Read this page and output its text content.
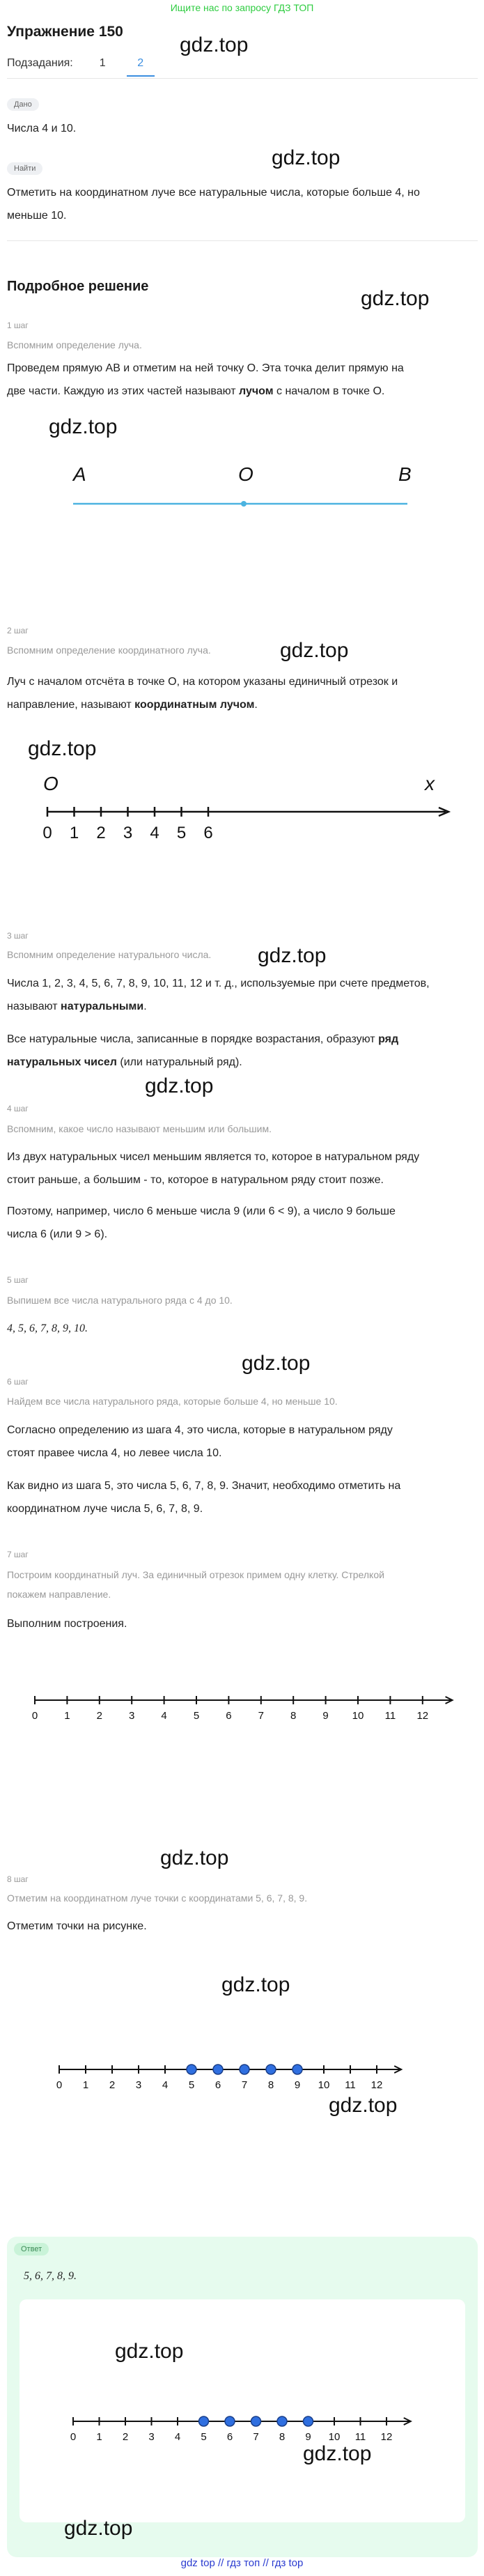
Ищите нас по запросу ГДЗ ТОП
Упражнение 150
Подзадания: 1	2
gdz.top
Дано
Числа 4 и 10.
Найти
Отметить на координатном луче все натуральные числа, которые больше 4, но
меньше 10.
gdz.top
Подробное решение
gdz.top
1 шаг
Вспомним определение луча.
Проведем прямую AB и отметим на ней точку O. Эта точка делит прямую на
две части. Каждую из этих частей называют лучом с началом в точке O.
gdz.top
A	O	B
2 шаг
Вспомним определение координатного луча.	gdz.top
Луч с началом отсчёта в точке O, на котором указаны единичный отрезок и
направление, называют координатным лучом.
gdz.top
O	x
0 1 2 3 4 5 6
3 шаг
Вспомним определение натурального числа. gdz.top
Числа 1, 2, 3, 4, 5, 6, 7, 8, 9, 10, 11, 12 и т. д., используемые при счете предметов,
называют натуральными.
Все натуральные числа, записанные в порядке возрастания, образуют ряд
натуральных чисел (или натуральный ряд).
gdz.top
4 шаг
Вспомним, какое число называют меньшим или большим.
Из двух натуральных чисел меньшим является то, которое в натуральном ряду
стоит раньше, а большим - то, которое в натуральном ряду стоит позже.
Поэтому, например, число 6 меньше числа 9 (или 6 < 9), а число 9 больше
числа 6 (или 9 > 6).
5 шаг
Выпишем все числа натурального ряда с 4 до 10.
4, 5, 6, 7, 8, 9, 10.
gdz.top
6 шаг
Найдем все числа натурального ряда, которые больше 4, но меньше 10.
Согласно определению из шага 4, это числа, которые в натуральном ряду
стоят правее числа 4, но левее числа 10.
Как видно из шага 5, это числа 5, 6, 7, 8, 9. Значит, необходимо отметить на
координатном луче числа 5, 6, 7, 8, 9.
7 шаг
Построим координатный луч. За единичный отрезок примем одну клетку. Стрелкой
покажем направление.
Выполним построения.
0	1	2	3	4	5	6	7	8	9 10 11 12
gdz.top
8 шаг
Отметим на координатном луче точки с координатами 5, 6, 7, 8, 9.
Отметим точки на рисунке.
gdz.top
0 1 2 3 4 5 6 7 8 9 10 11 12
gdz.top
Ответ
5, 6, 7, 8, 9.
gdz.top
0 1 2 3 4 5 6 7 8 9 10 11 12
gdz.top
gdz.top
gdz top // гдз топ // гдз top
